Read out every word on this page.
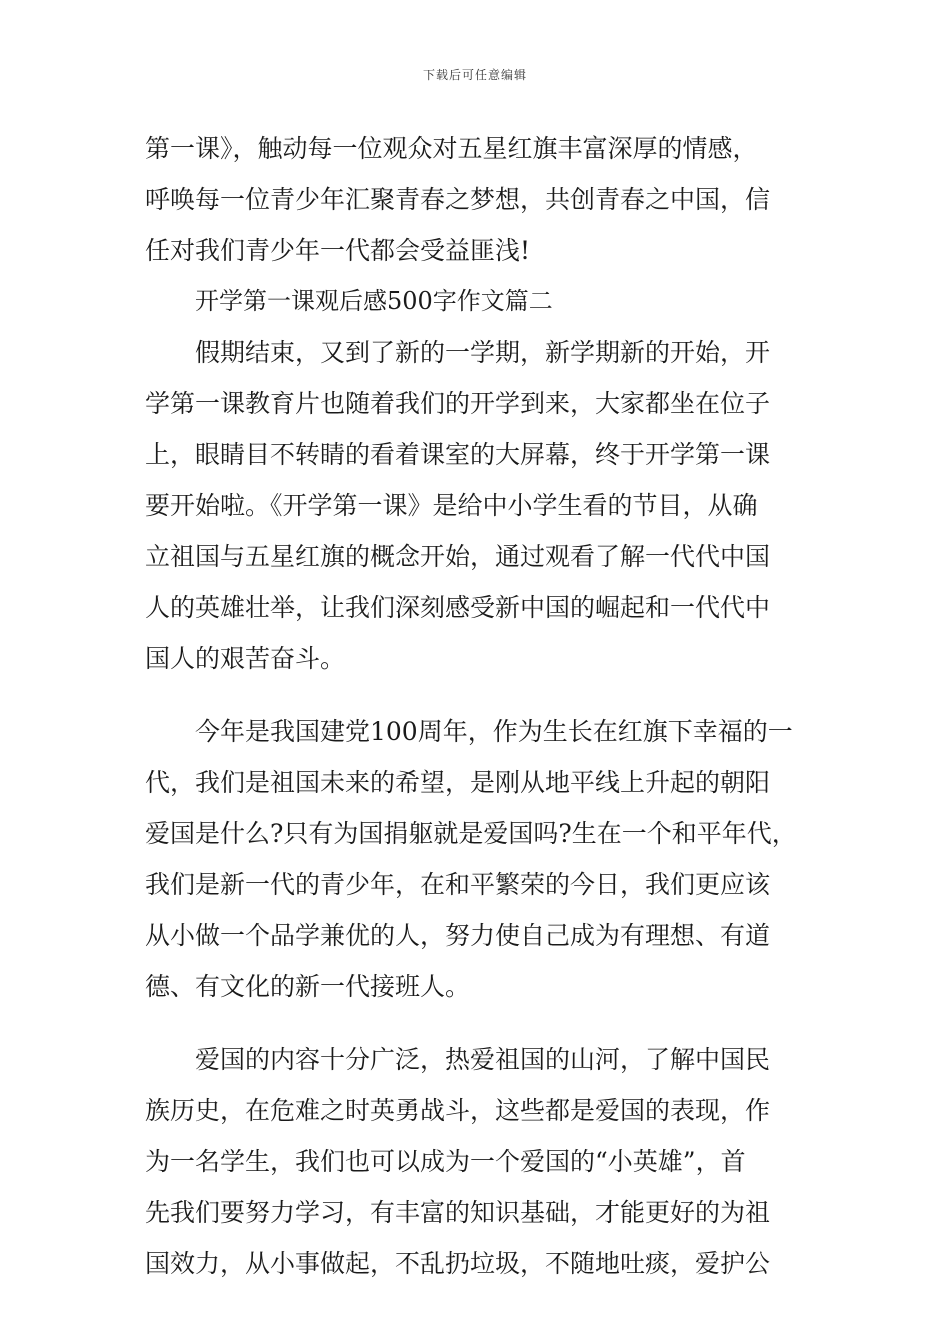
下载后可任意编辑
第一课》，触动每一位观众对五星红旗丰富深厚的情感，
呼唤每一位青少年汇聚青春之梦想，共创青春之中国，信
任对我们青少年一代都会受益匪浅!
开学第一课观后感500字作文篇二
　　假期结束，又到了新的一学期，新学期新的开始，开
学第一课教育片也随着我们的开学到来，大家都坐在位子
上，眼睛目不转睛的看着课室的大屏幕，终于开学第一课
要开始啦。《开学第一课》是给中小学生看的节目，从确
立祖国与五星红旗的概念开始，通过观看了解一代代中国
人的英雄壮举，让我们深刻感受新中国的崛起和一代代中
国人的艰苦奋斗。
　　今年是我国建党100周年，作为生长在红旗下幸福的一
代，我们是祖国未来的希望，是刚从地平线上升起的朝阳
爱国是什么?只有为国捐躯就是爱国吗?生在一个和平年代，
我们是新一代的青少年，在和平繁荣的今日，我们更应该
从小做一个品学兼优的人，努力使自己成为有理想、有道
德、有文化的新一代接班人。
　　爱国的内容十分广泛，热爱祖国的山河，了解中国民
族历史，在危难之时英勇战斗，这些都是爱国的表现，作
为一名学生，我们也可以成为一个爱国的“小英雄”，首
先我们要努力学习，有丰富的知识基础，才能更好的为祖
国效力，从小事做起，不乱扔垃圾，不随地吐痰，爱护公
